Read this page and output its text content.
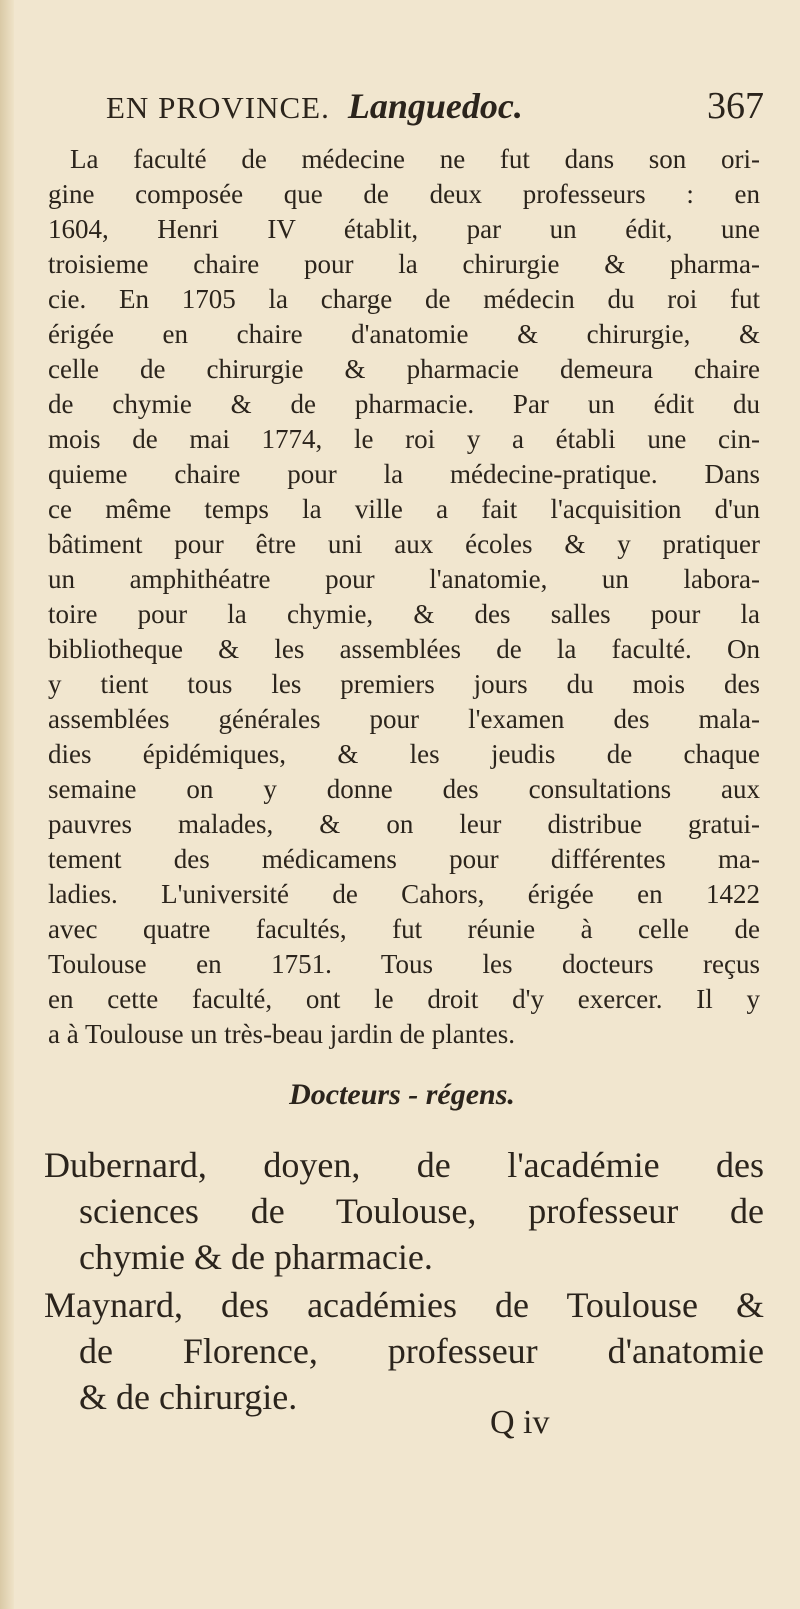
EN PROVINCE. Languedoc.	367
La faculté de médecine ne fut dans son ori-
gine composée que de deux professeurs : en
1604, Henri IV établit, par un édit, une
troisieme chaire pour la chirurgie & pharma-
cie. En 1705 la charge de médecin du roi fut
érigée en chaire d'anatomie & chirurgie, &
celle de chirurgie & pharmacie demeura chaire
de chymie & de pharmacie. Par un édit du
mois de mai 1774, le roi y a établi une cin-
quieme chaire pour la médecine-pratique. Dans
ce même temps la ville a fait l'acquisition d'un
bâtiment pour être uni aux écoles & y pratiquer
un amphithéatre pour l'anatomie, un labora-
toire pour la chymie, & des salles pour la
bibliotheque & les assemblées de la faculté. On
y tient tous les premiers jours du mois des
assemblées générales pour l'examen des mala-
dies épidémiques, & les jeudis de chaque
semaine on y donne des consultations aux
pauvres malades, & on leur distribue gratui-
tement des médicamens pour différentes ma-
ladies. L'université de Cahors, érigée en 1422
avec quatre facultés, fut réunie à celle de
Toulouse en 1751. Tous les docteurs reçus
en cette faculté, ont le droit d'y exercer. Il y
a à Toulouse un très-beau jardin de plantes.
Docteurs - régens.
Dubernard, doyen, de l'académie des
sciences de Toulouse, professeur de
chymie & de pharmacie.
Maynard, des académies de Toulouse &
de Florence, professeur d'anatomie
& de chirurgie.
Q iv
